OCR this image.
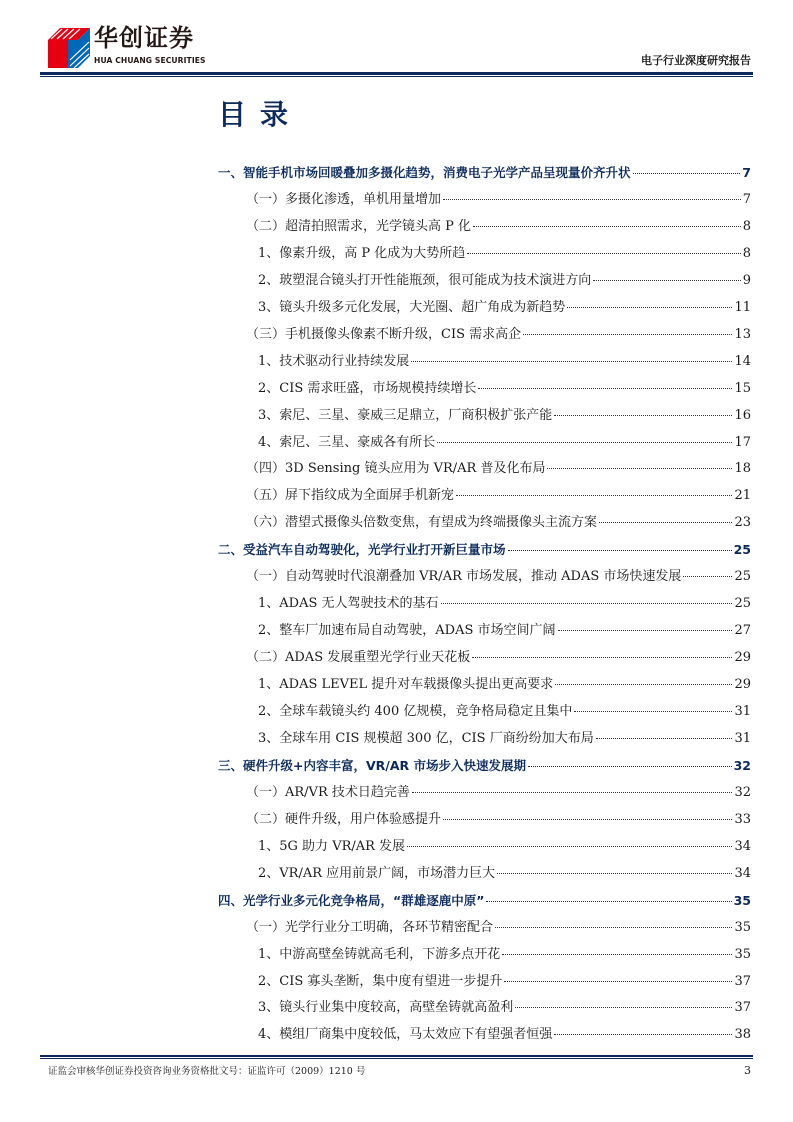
华创证券
HUA CHUANG SECURITIES	电子行业深度研究报告
目录
一、智能手机市场回暖叠加多摄化趋势，消费电子光学产品呈现量价齐升状	7
（一）多摄化渗透，单机用量增加	7
（二）超清拍照需求，光学镜头高 P 化	8
1、像素升级，高 P 化成为大势所趋	8
2、玻塑混合镜头打开性能瓶颈，很可能成为技术演进方向	9
3、镜头升级多元化发展，大光圈、超广角成为新趋势	11
（三）手机摄像头像素不断升级，CIS 需求高企	13
1、技术驱动行业持续发展	14
2、CIS 需求旺盛，市场规模持续增长	15
3、索尼、三星、豪威三足鼎立，厂商积极扩张产能	16
4、索尼、三星、豪威各有所长	17
（四）3D Sensing 镜头应用为 VR/AR 普及化布局	18
（五）屏下指纹成为全面屏手机新宠	21
（六）潜望式摄像头倍数变焦，有望成为终端摄像头主流方案	23
二、受益汽车自动驾驶化，光学行业打开新巨量市场	25
（一）自动驾驶时代浪潮叠加 VR/AR 市场发展，推动 ADAS 市场快速发展	25
1、ADAS 无人驾驶技术的基石	25
2、整车厂加速布局自动驾驶，ADAS 市场空间广阔	27
（二）ADAS 发展重塑光学行业天花板	29
1、ADAS LEVEL 提升对车载摄像头提出更高要求	29
2、全球车载镜头约 400 亿规模，竞争格局稳定且集中	31
3、全球车用 CIS 规模超 300 亿，CIS 厂商纷纷加大布局	31
三、硬件升级+内容丰富，VR/AR 市场步入快速发展期	32
（一）AR/VR 技术日趋完善	32
（二）硬件升级，用户体验感提升	33
1、5G 助力 VR/AR 发展	34
2、VR/AR 应用前景广阔，市场潜力巨大	34
四、光学行业多元化竞争格局，“群雄逐鹿中原”	35
（一）光学行业分工明确，各环节精密配合	35
1、中游高壁垒铸就高毛利，下游多点开花	35
2、CIS 寡头垄断，集中度有望进一步提升	37
3、镜头行业集中度较高，高壁垒铸就高盈利	37
4、模组厂商集中度较低，马太效应下有望强者恒强	38
证监会审核华创证券投资咨询业务资格批文号：证监许可（2009）1210 号	3
